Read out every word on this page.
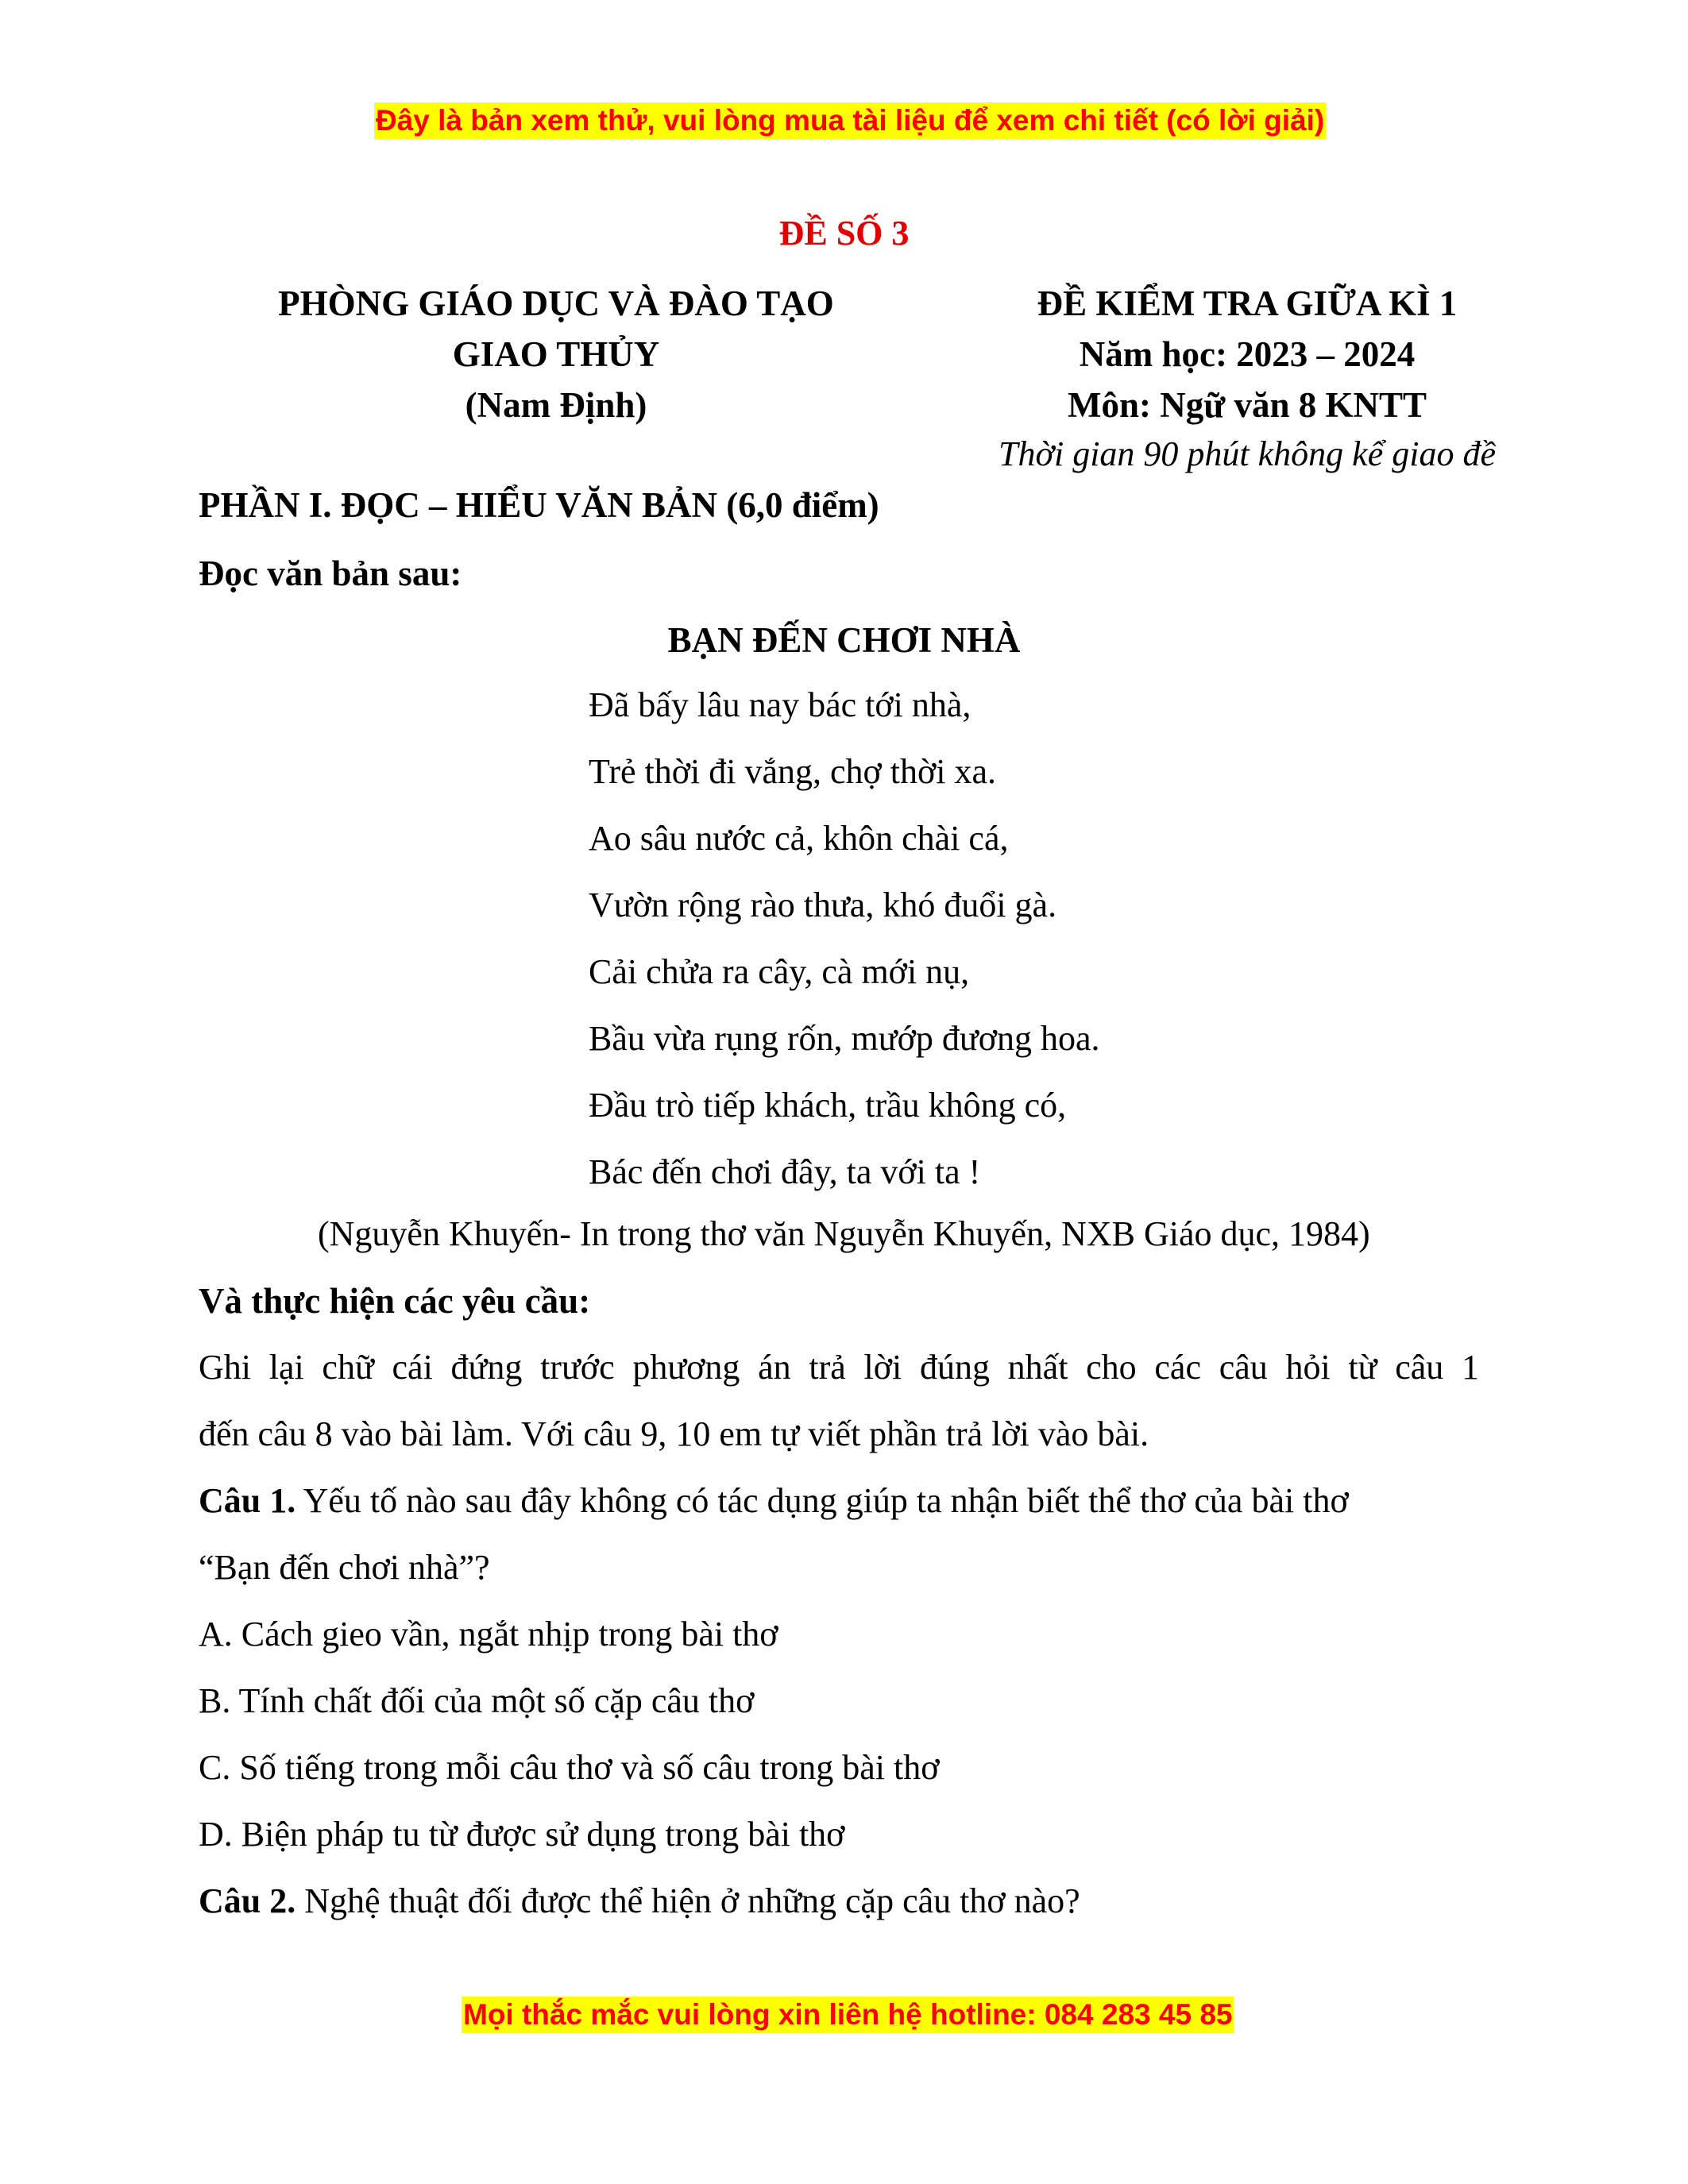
Đây là bản xem thử, vui lòng mua tài liệu để xem chi tiết (có lời giải)
ĐỀ SỐ 3
PHÒNG GIÁO DỤC VÀ ĐÀO TẠO
GIAO THỦY
(Nam Định)
ĐỀ KIỂM TRA GIỮA KÌ 1
Năm học: 2023 – 2024
Môn: Ngữ văn 8 KNTT
Thời gian 90 phút không kể giao đề
PHẦN I. ĐỌC – HIỂU VĂN BẢN (6,0 điểm)
Đọc văn bản sau:
BẠN ĐẾN CHƠI NHÀ
Đã bấy lâu nay bác tới nhà,
Trẻ thời đi vắng, chợ thời xa.
Ao sâu nước cả, khôn chài cá,
Vườn rộng rào thưa, khó đuổi gà.
Cải chửa ra cây, cà mới nụ,
Bầu vừa rụng rốn, mướp đương hoa.
Đầu trò tiếp khách, trầu không có,
Bác đến chơi đây, ta với ta !
(Nguyễn Khuyến- In trong thơ văn Nguyễn Khuyến, NXB Giáo dục, 1984)
Và thực hiện các yêu cầu:
Ghi lại chữ cái đứng trước phương án trả lời đúng nhất cho các câu hỏi từ câu 1
đến câu 8 vào bài làm. Với câu 9, 10 em tự viết phần trả lời vào bài.
Câu 1. Yếu tố nào sau đây không có tác dụng giúp ta nhận biết thể thơ của bài thơ
“Bạn đến chơi nhà”?
A. Cách gieo vần, ngắt nhịp trong bài thơ
B. Tính chất đối của một số cặp câu thơ
C. Số tiếng trong mỗi câu thơ và số câu trong bài thơ
D. Biện pháp tu từ được sử dụng trong bài thơ
Câu 2. Nghệ thuật đối được thể hiện ở những cặp câu thơ nào?
Mọi thắc mắc vui lòng xin liên hệ hotline: 084 283 45 85
